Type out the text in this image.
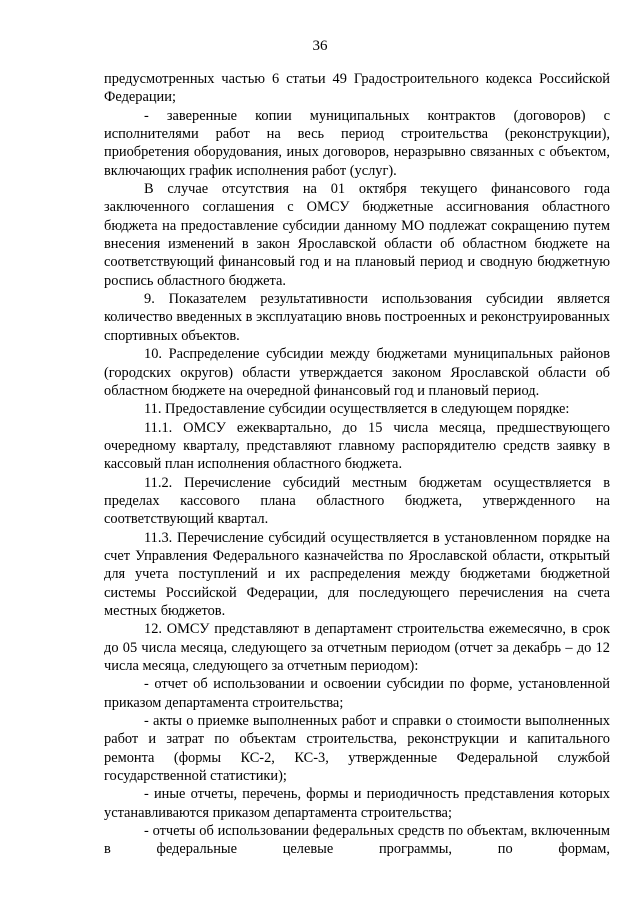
36

предусмотренных частью 6 статьи 49 Градостроительного кодекса Российской Федерации;

- заверенные копии муниципальных контрактов (договоров) с исполнителями работ на весь период строительства (реконструкции), приобретения оборудования, иных договоров, неразрывно связанных с объектом, включающих график исполнения работ (услуг).

В случае отсутствия на 01 октября текущего финансового года заключенного соглашения с ОМСУ бюджетные ассигнования областного бюджета на предоставление субсидии данному МО подлежат сокращению путем внесения изменений в закон Ярославской области об областном бюджете на соответствующий финансовый год и на плановый период и сводную бюджетную роспись областного бюджета.

9. Показателем результативности использования субсидии является количество введенных в эксплуатацию вновь построенных и реконструированных спортивных объектов.

10. Распределение субсидии между бюджетами муниципальных районов (городских округов) области утверждается законом Ярославской области об областном бюджете на очередной финансовый год и плановый период.

11. Предоставление субсидии осуществляется в следующем порядке:

11.1. ОМСУ ежеквартально, до 15 числа месяца, предшествующего очередному кварталу, представляют главному распорядителю средств заявку в кассовый план исполнения областного бюджета.

11.2. Перечисление субсидий местным бюджетам осуществляется в пределах кассового плана областного бюджета, утвержденного на соответствующий квартал.

11.3. Перечисление субсидий осуществляется в установленном порядке на счет Управления Федерального казначейства по Ярославской области, открытый для учета поступлений и их распределения между бюджетами бюджетной системы Российской Федерации, для последующего перечисления на счета местных бюджетов.

12. ОМСУ представляют в департамент строительства ежемесячно, в срок до 05 числа месяца, следующего за отчетным периодом (отчет за декабрь – до 12 числа месяца, следующего за отчетным периодом):

- отчет об использовании и освоении субсидии по форме, установленной приказом департамента строительства;

- акты о приемке выполненных работ и справки о стоимости выполненных работ и затрат по объектам строительства, реконструкции и капитального ремонта (формы КС-2, КС-3, утвержденные Федеральной службой государственной статистики);

- иные отчеты, перечень, формы и периодичность представления которых устанавливаются приказом департамента строительства;

- отчеты об использовании федеральных средств по объектам, включенным в федеральные целевые программы, по формам,
